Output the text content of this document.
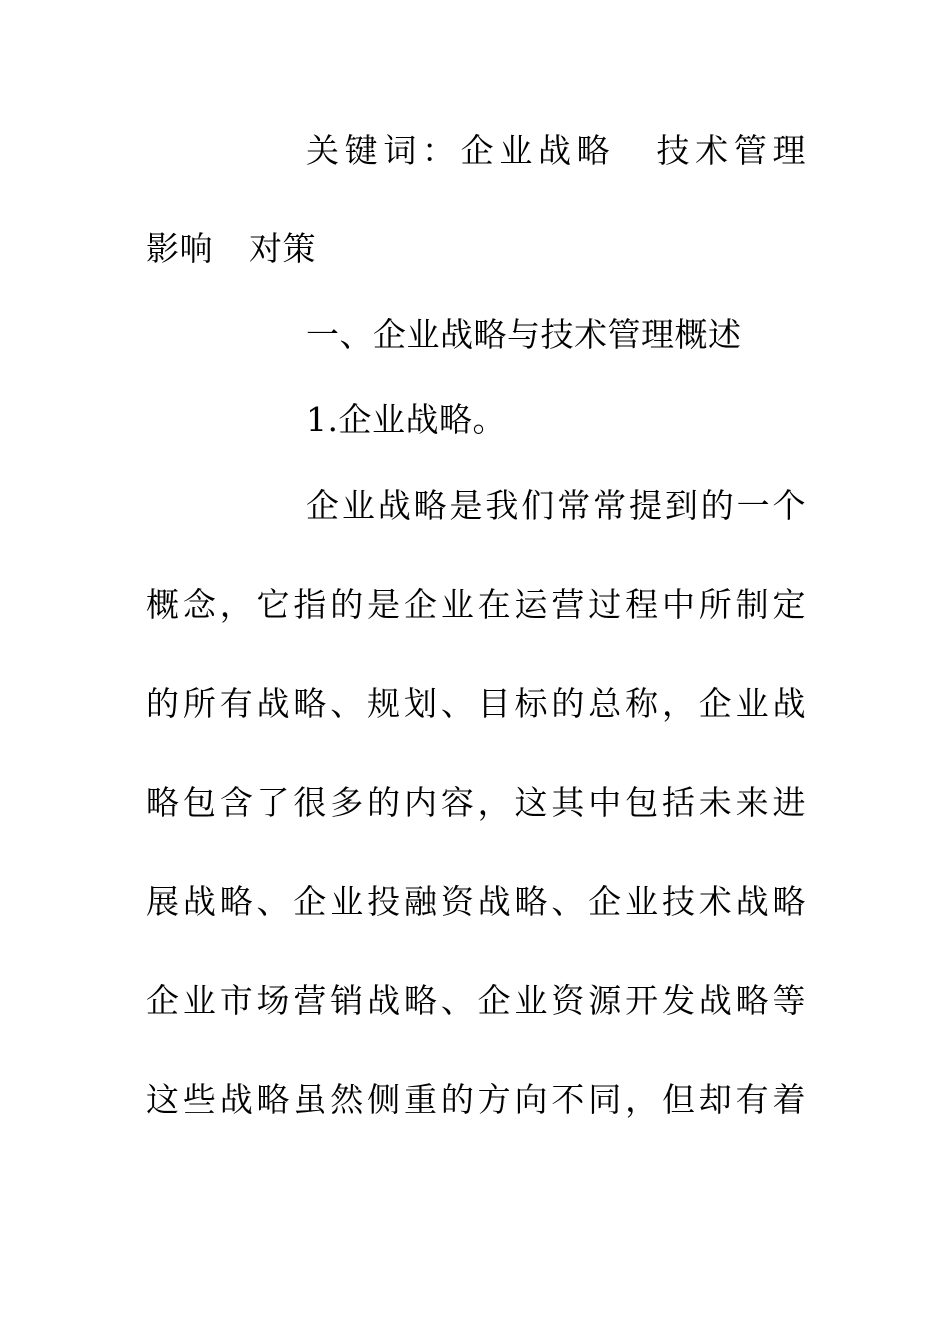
关键词：企业战略 技术管理
影响 对策
一、企业战略与技术管理概述
1.企业战略。
企业战略是我们常常提到的一个
概念，它指的是企业在运营过程中所制定
的所有战略、规划、目标的总称，企业战
略包含了很多的内容，这其中包括未来进
展战略、企业投融资战略、企业技术战略
企业市场营销战略、企业资源开发战略等
这些战略虽然侧重的方向不同，但却有着
